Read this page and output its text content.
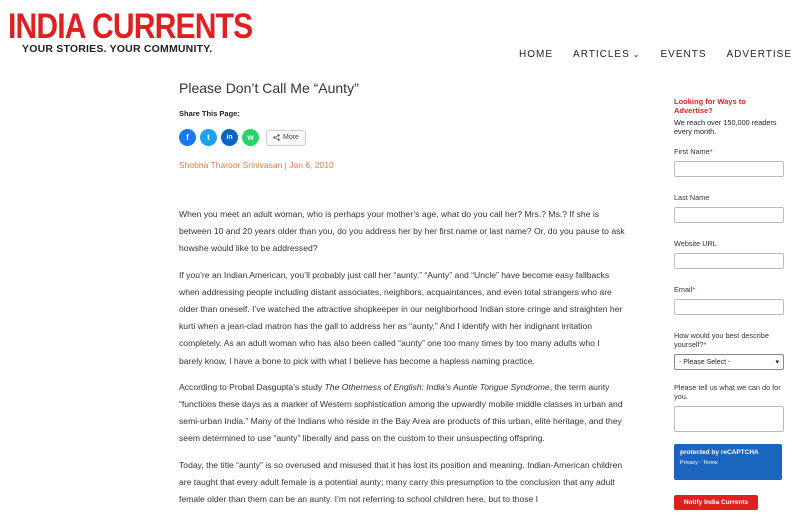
INDIA CURRENTS
YOUR STORIES. YOUR COMMUNITY.	HOME ARTICLES ⌄ EVENTS ADVERTISE
Please Don’t Call Me “Aunty”
Share This Page:
f t in w	More
Shobha Tharoor Srinivasan | Jan 6, 2010

When you meet an adult woman, who is perhaps your mother’s age, what do you call her? Mrs.? Ms.? If she is between 10 and 20 years older than you, do you address her by her first name or last name? Or, do you pause to ask howshe would like to be addressed?

If you’re an Indian American, you’ll probably just call her “aunty.” “Aunty” and “Uncle” have become easy fallbacks when addressing people including distant associates, neighbors, acquaintances, and even total strangers who are older than oneself. I’ve watched the attractive shopkeeper in our neighborhood Indian store cringe and straighten her kurti when a jean-clad matron has the gall to address her as “aunty.” And I identify with her indignant irritation completely. As an adult woman who has also been called “aunty” one too many times by too many adults who I barely know, I have a bone to pick with what I believe has become a hapless naming practice.

According to Probal Dasgupta’s study The Otherness of English: India’s Auntie Tongue Syndrome, the term aunty “functions these days as a marker of Western sophistication among the upwardly mobile middle classes in urban and semi-urban India.” Many of the Indians who reside in the Bay Area are products of this urban, elite heritage, and they seem determined to use “aunty” liberally and pass on the custom to their unsuspecting offspring.

Today, the title “aunty” is so overused and misused that it has lost its position and meaning. Indian-American children are taught that every adult female is a potential aunty; many carry this presumption to the conclusion that any adult female older than them can be an aunty. I’m not referring to school children here, but to those I

Looking for Ways to Advertise?
We reach over 150,000 readers every month.
First Name*
Last Name
Website URL
Email*
How would you best describe yourself?*
- Please Select -	▾
Please tell us what we can do for you.
protected by reCAPTCHA
Privacy - Terms
Notify India Currents
